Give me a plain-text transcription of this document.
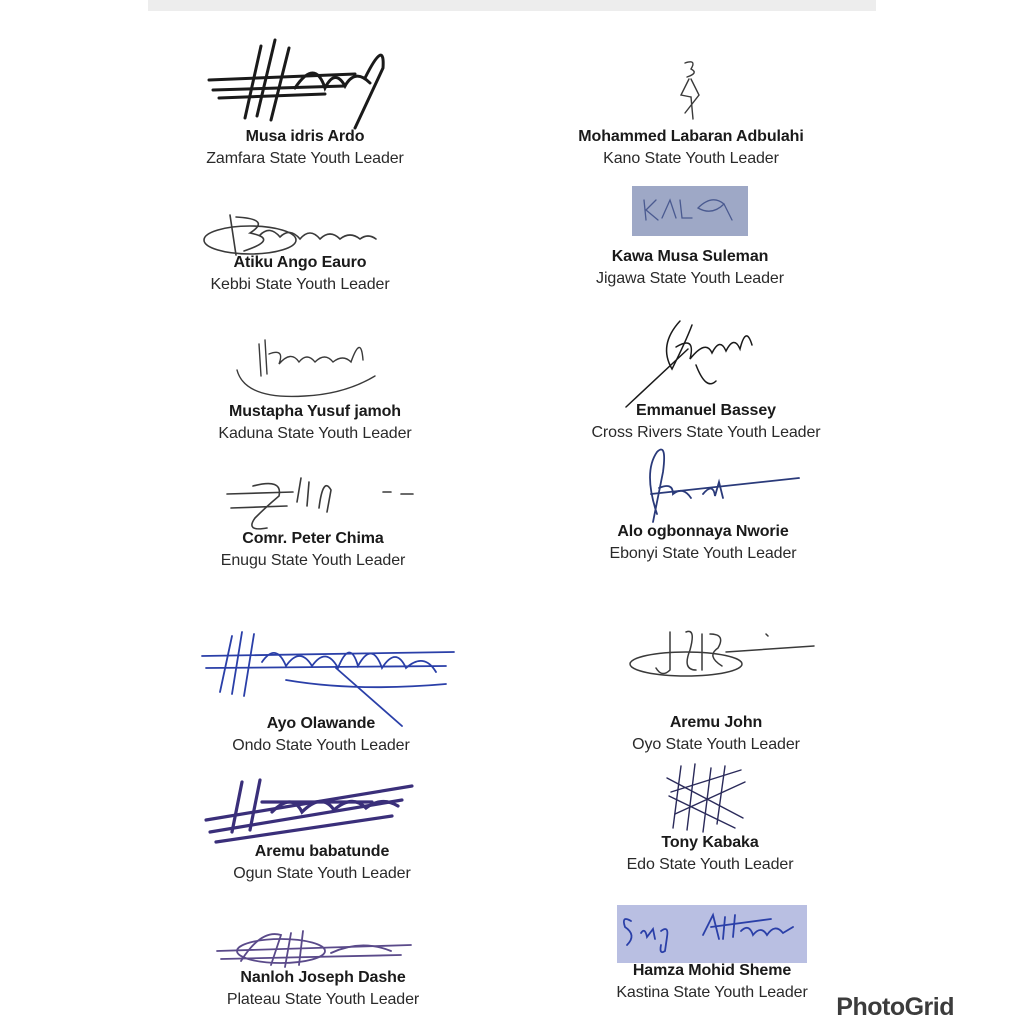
Musa idris Ardo
Zamfara State Youth Leader
Atiku Ango Eauro
Kebbi State Youth Leader
Mustapha Yusuf jamoh
Kaduna State Youth Leader
Comr. Peter Chima
Enugu State Youth Leader
Ayo Olawande
Ondo State Youth Leader
Aremu babatunde
Ogun State Youth Leader
Nanloh Joseph Dashe
Plateau State Youth Leader
Mohammed Labaran Adbulahi
Kano State Youth Leader
Kawa Musa Suleman
Jigawa State Youth Leader
Emmanuel Bassey
Cross Rivers State Youth Leader
Alo ogbonnaya Nworie
Ebonyi State Youth Leader
Aremu John
Oyo State Youth Leader
Tony Kabaka
Edo State Youth Leader
Hamza Mohid Sheme
Kastina State Youth Leader
PhotoGrid
